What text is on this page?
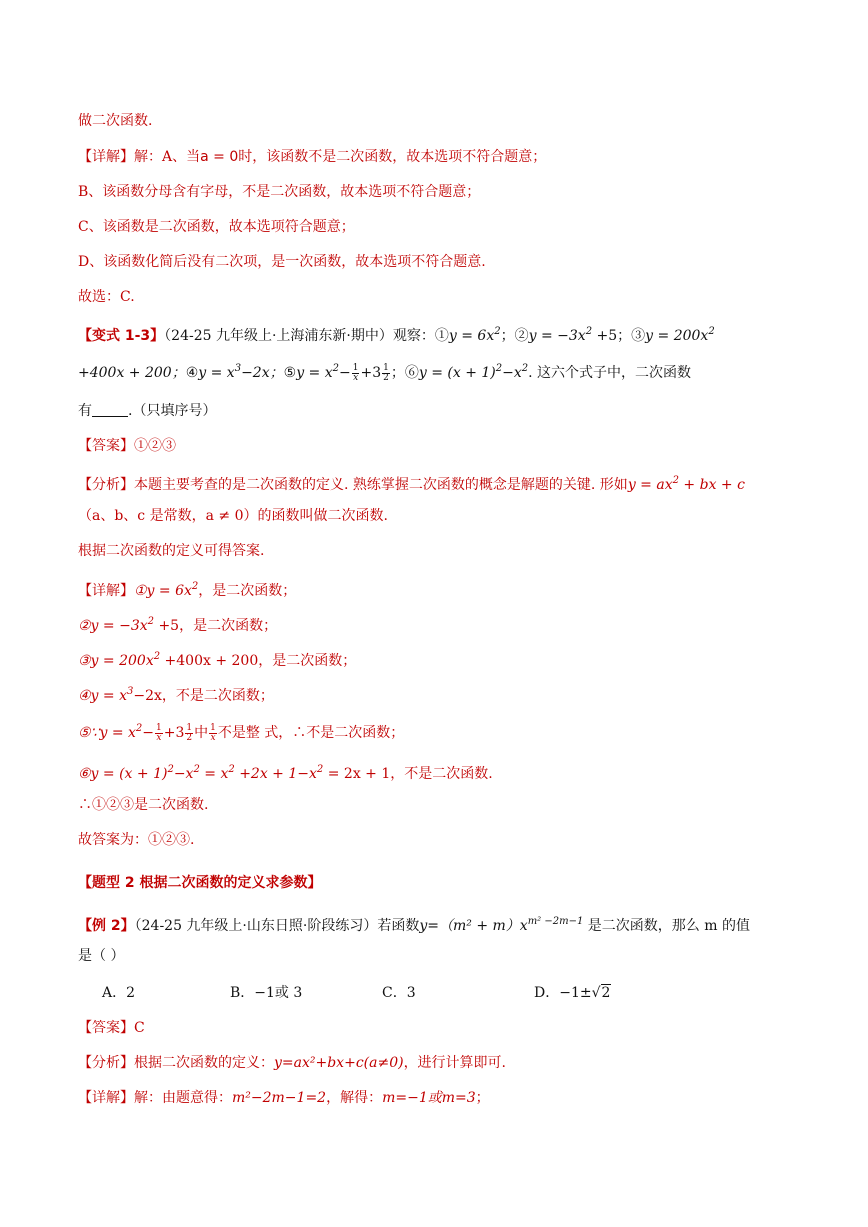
做二次函数.
【详解】解：A、当a = 0时，该函数不是二次函数，故本选项不符合题意；
B、该函数分母含有字母，不是二次函数，故本选项不符合题意；
C、该函数是二次函数，故本选项符合题意；
D、该函数化简后没有二次项，是一次函数，故本选项不符合题意.
故选：C.
【变式 1-3】（24-25 九年级上·上海浦东新·期中）观察：①y = $6x^2$；②y = $-3x^2 +5$；③y = $200x^2$
+400x + 200；④y = $x^3-2x$；⑤y = $x^2- \frac{1}{x} +3 \frac{1}{2}$ ；⑥y = $(x + 1)^2-x^2$. 这六个式子中，二次函数
有	.（只填序号）
【答案】①②③
【分析】本题主要考查的是二次函数的定义. 熟练掌握二次函数的概念是解题的关键. 形如$y = ax^2$ + bx + c
（a、b、c 是常数，a ≠ 0）的函数叫做二次函数.
根据二次函数的定义可得答案.
【详解】①y = $6x^2$，是二次函数；
②y = $-3x^2 +5$，是二次函数；
③y = $200x^2 +400x + 200$，是二次函数；
④y = $x^3-2x$，不是二次函数；
⑤∵y = $x^2- \frac{1}{x} +3 \frac{1}{2}$ 中 $\frac{1}{x}$ 不是整 式，∴不是二次函数；
⑥y = $(x + 1)^2-x^2 = x^2 +2x + 1-x^2 = 2x + 1$，不是二次函数.
∴①②③是二次函数.
故答案为：①②③.
【题型 2 根据二次函数的定义求参数】
【例 2】（24-25 九年级上·山东日照·阶段练习）若函数$y=(m^2 + m)x^{m^2 -2m-1}$ 是二次函数，那么 m 的值
是（ ）
A．2	B．−1或 3	C．3	D．−1±√2
【答案】C
【分析】根据二次函数的定义：y=ax²+bx+c(a≠0)，进行计算即可.
【详解】解：由题意得：m²−2m−1=2，解得：m=−1或m=3；
